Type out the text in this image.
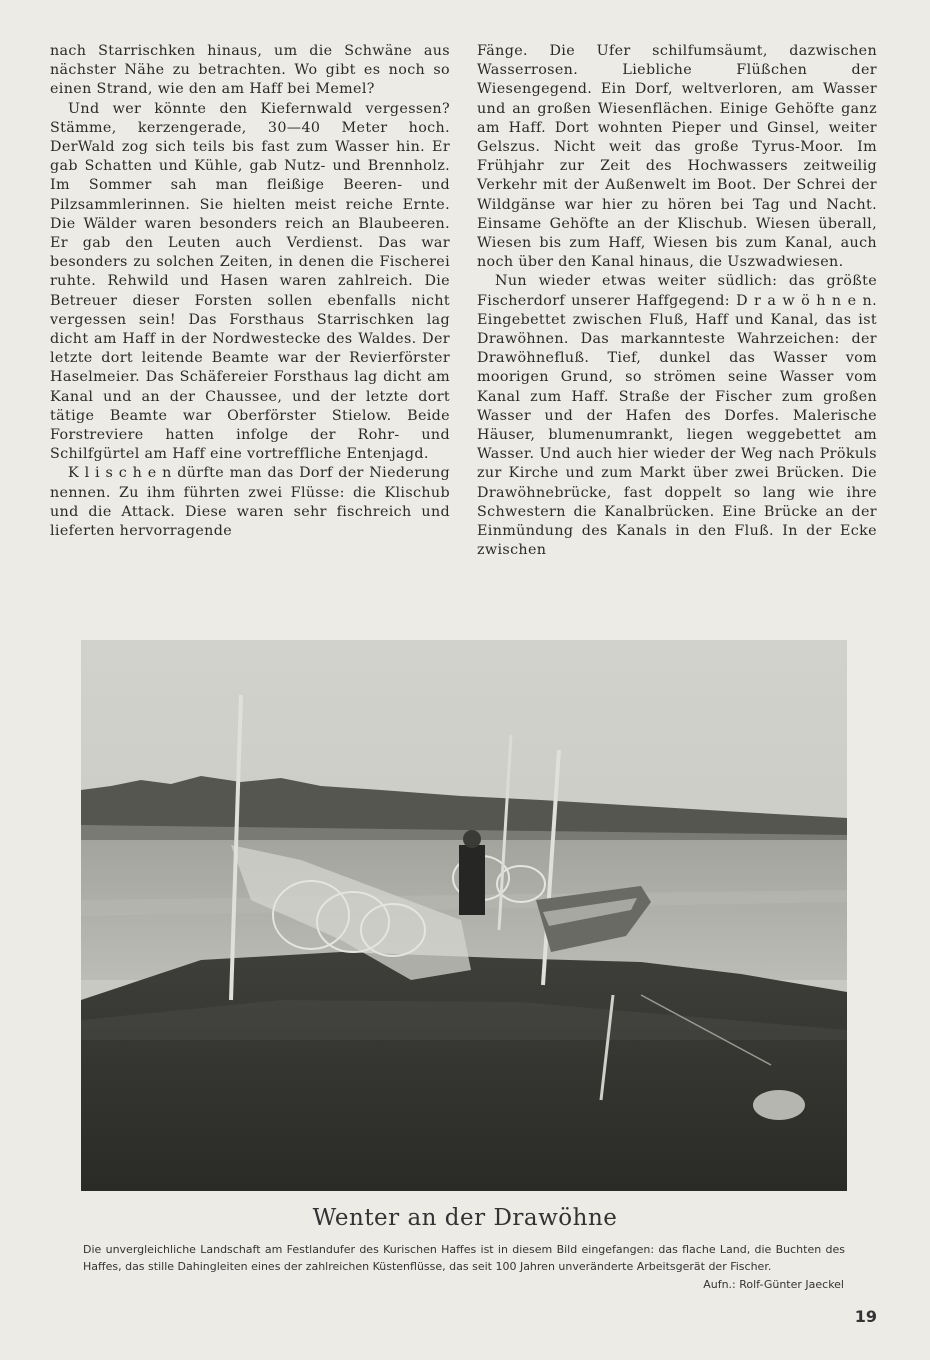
nach Starrischken hinaus, um die Schwäne aus nächster Nähe zu betrachten. Wo gibt es noch so einen Strand, wie den am Haff bei Memel?

Und wer könnte den Kiefernwald vergessen? Stämme, kerzengerade, 30—40 Meter hoch. DerWald zog sich teils bis fast zum Wasser hin. Er gab Schatten und Kühle, gab Nutz- und Brennholz. Im Sommer sah man fleißige Beeren- und Pilzsammlerinnen. Sie hielten meist reiche Ernte. Die Wälder waren besonders reich an Blaubeeren. Er gab den Leuten auch Verdienst. Das war besonders zu solchen Zeiten, in denen die Fischerei ruhte. Rehwild und Hasen waren zahlreich. Die Betreuer dieser Forsten sollen ebenfalls nicht vergessen sein! Das Forsthaus Starrischken lag dicht am Haff in der Nordwestecke des Waldes. Der letzte dort leitende Beamte war der Revierförster Haselmeier. Das Schäfereier Forsthaus lag dicht am Kanal und an der Chaussee, und der letzte dort tätige Beamte war Oberförster Stielow. Beide Forstreviere hatten infolge der Rohr- und Schilfgürtel am Haff eine vortreffliche Entenjagd.

K l i s c h e n dürfte man das Dorf der Niederung nennen. Zu ihm führten zwei Flüsse: die Klischub und die Attack. Diese waren sehr fischreich und lieferten hervorragende

Fänge. Die Ufer schilfumsäumt, dazwischen Wasserrosen. Liebliche Flüßchen der Wiesengegend. Ein Dorf, weltverloren, am Wasser und an großen Wiesenflächen. Einige Gehöfte ganz am Haff. Dort wohnten Pieper und Ginsel, weiter Gelszus. Nicht weit das große Tyrus-Moor. Im Frühjahr zur Zeit des Hochwassers zeitweilig Verkehr mit der Außenwelt im Boot. Der Schrei der Wildgänse war hier zu hören bei Tag und Nacht. Einsame Gehöfte an der Klischub. Wiesen überall, Wiesen bis zum Haff, Wiesen bis zum Kanal, auch noch über den Kanal hinaus, die Uszwadwiesen.

Nun wieder etwas weiter südlich: das größte Fischerdorf unserer Haffgegend: D r a w ö h n e n. Eingebettet zwischen Fluß, Haff und Kanal, das ist Drawöhnen. Das markannteste Wahrzeichen: der Drawöhnefluß. Tief, dunkel das Wasser vom moorigen Grund, so strömen seine Wasser vom Kanal zum Haff. Straße der Fischer zum großen Wasser und der Hafen des Dorfes. Malerische Häuser, blumenumrankt, liegen weggebettet am Wasser. Und auch hier wieder der Weg nach Prökuls zur Kirche und zum Markt über zwei Brücken. Die Drawöhnebrücke, fast doppelt so lang wie ihre Schwestern die Kanalbrücken. Eine Brücke an der Einmündung des Kanals in den Fluß. In der Ecke zwischen

Wenter an der Drawöhne
Die unvergleichliche Landschaft am Festlandufer des Kurischen Haffes ist in diesem Bild eingefangen: das flache Land, die Buchten des Haffes, das stille Dahingleiten eines der zahlreichen Küstenflüsse, das seit 100 Jahren unveränderte Arbeitsgerät der Fischer.
Aufn.: Rolf-Günter Jaeckel
19
